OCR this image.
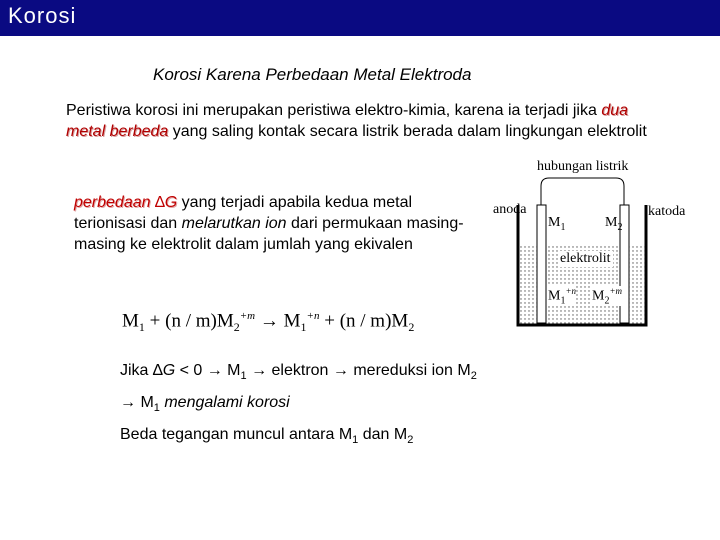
Korosi
Korosi Karena Perbedaan Metal Elektroda
Peristiwa korosi ini merupakan peristiwa elektro-kimia, karena ia terjadi jika dua metal berbeda yang saling kontak secara listrik berada dalam lingkungan elektrolit
perbedaan ∆G yang terjadi apabila kedua metal terionisasi dan melarutkan ion dari permukaan masing-masing ke elektrolit dalam jumlah yang ekivalen
$M_1 + (n / m)M_2^{+m} \to M_1^{+n} + (n / m)M_2$
Jika $\Delta G < 0 \to M_1$ → elektron → mereduksi ion $M_2$
→ $M_1$ mengalami korosi
Beda tegangan muncul antara $M_1$ dan $M_2$
hubungan listrik
anoda	katoda
$M_1$	$M_2$
elektrolit
$M_1^{+n}$ $M_2^{+m}$
